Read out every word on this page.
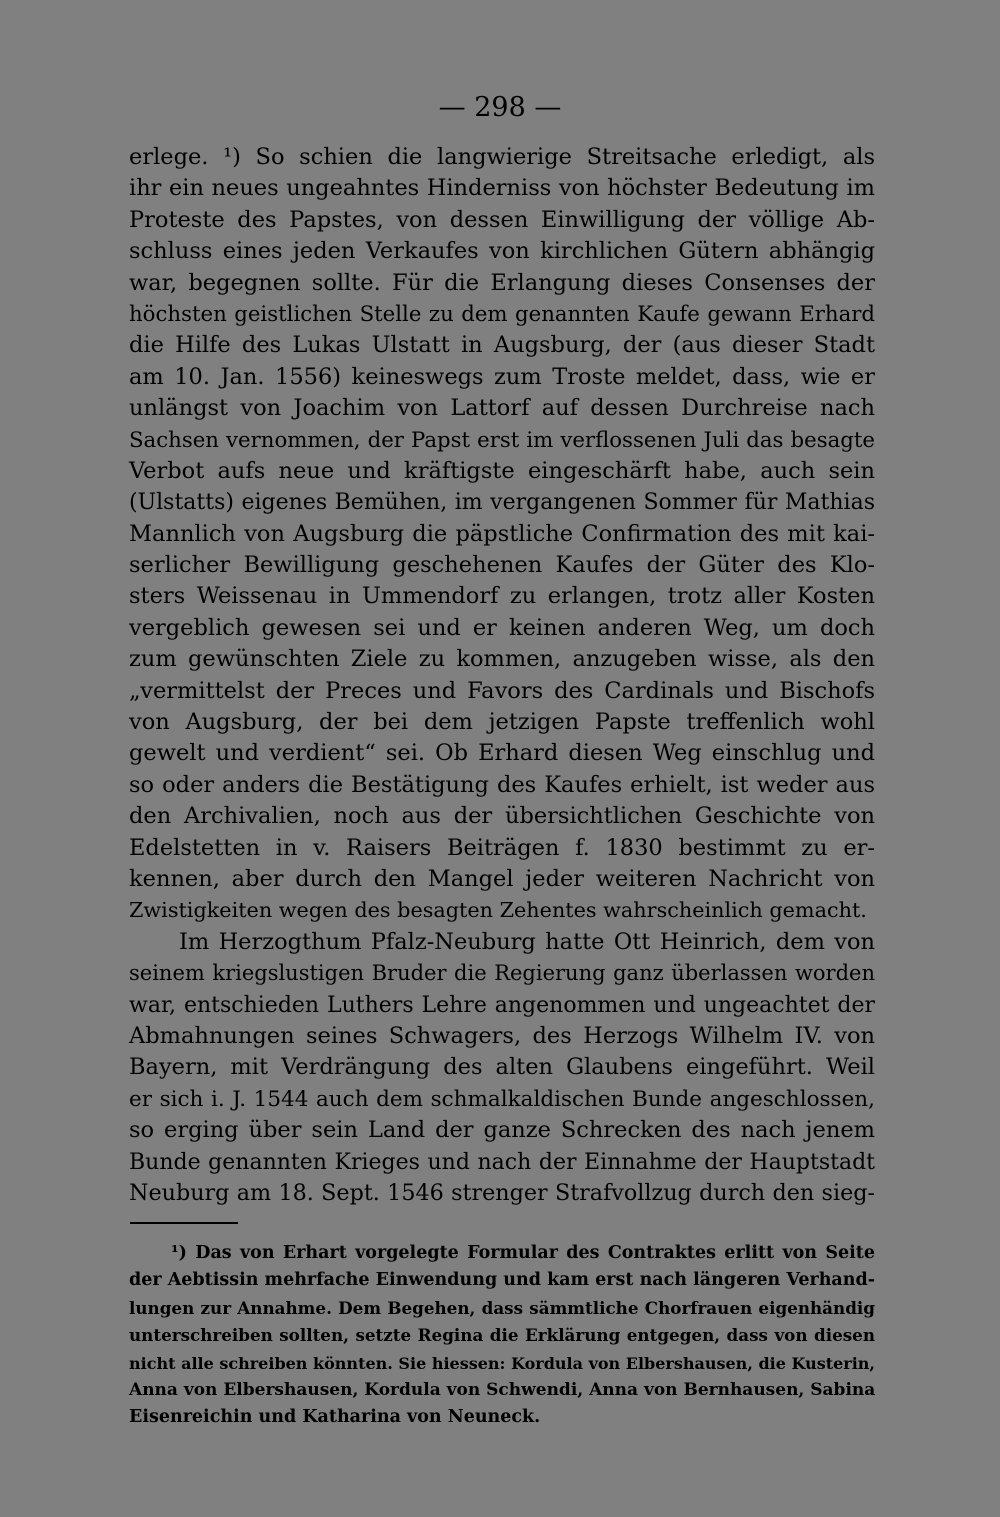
— 298 —
erlege. ¹) So schien die langwierige Streitsache erledigt, als
ihr ein neues ungeahntes Hinderniss von höchster Bedeutung im
Proteste des Papstes, von dessen Einwilligung der völlige Ab-
schluss eines jeden Verkaufes von kirchlichen Gütern abhängig
war, begegnen sollte. Für die Erlangung dieses Consenses der
höchsten geistlichen Stelle zu dem genannten Kaufe gewann Erhard
die Hilfe des Lukas Ulstatt in Augsburg, der (aus dieser Stadt
am 10. Jan. 1556) keineswegs zum Troste meldet, dass, wie er
unlängst von Joachim von Lattorf auf dessen Durchreise nach
Sachsen vernommen, der Papst erst im verflossenen Juli das besagte
Verbot aufs neue und kräftigste eingeschärft habe, auch sein
(Ulstatts) eigenes Bemühen, im vergangenen Sommer für Mathias
Mannlich von Augsburg die päpstliche Confirmation des mit kai-
serlicher Bewilligung geschehenen Kaufes der Güter des Klo-
sters Weissenau in Ummendorf zu erlangen, trotz aller Kosten
vergeblich gewesen sei und er keinen anderen Weg, um doch
zum gewünschten Ziele zu kommen, anzugeben wisse, als den
„vermittelst der Preces und Favors des Cardinals und Bischofs
von Augsburg, der bei dem jetzigen Papste treffenlich wohl
gewelt und verdient“ sei. Ob Erhard diesen Weg einschlug und
so oder anders die Bestätigung des Kaufes erhielt, ist weder aus
den Archivalien, noch aus der übersichtlichen Geschichte von
Edelstetten in v. Raisers Beiträgen f. 1830 bestimmt zu er-
kennen, aber durch den Mangel jeder weiteren Nachricht von
Zwistigkeiten wegen des besagten Zehentes wahrscheinlich gemacht.
Im Herzogthum Pfalz-Neuburg hatte Ott Heinrich, dem von
seinem kriegslustigen Bruder die Regierung ganz überlassen worden
war, entschieden Luthers Lehre angenommen und ungeachtet der
Abmahnungen seines Schwagers, des Herzogs Wilhelm IV. von
Bayern, mit Verdrängung des alten Glaubens eingeführt. Weil
er sich i. J. 1544 auch dem schmalkaldischen Bunde angeschlossen,
so erging über sein Land der ganze Schrecken des nach jenem
Bunde genannten Krieges und nach der Einnahme der Hauptstadt
Neuburg am 18. Sept. 1546 strenger Strafvollzug durch den sieg-
¹) Das von Erhart vorgelegte Formular des Contraktes erlitt von Seite
der Aebtissin mehrfache Einwendung und kam erst nach längeren Verhand-
lungen zur Annahme. Dem Begehen, dass sämmtliche Chorfrauen eigenhändig
unterschreiben sollten, setzte Regina die Erklärung entgegen, dass von diesen
nicht alle schreiben könnten. Sie hiessen: Kordula von Elbershausen, die Kusterin,
Anna von Elbershausen, Kordula von Schwendi, Anna von Bernhausen, Sabina
Eisenreichin und Katharina von Neuneck.
